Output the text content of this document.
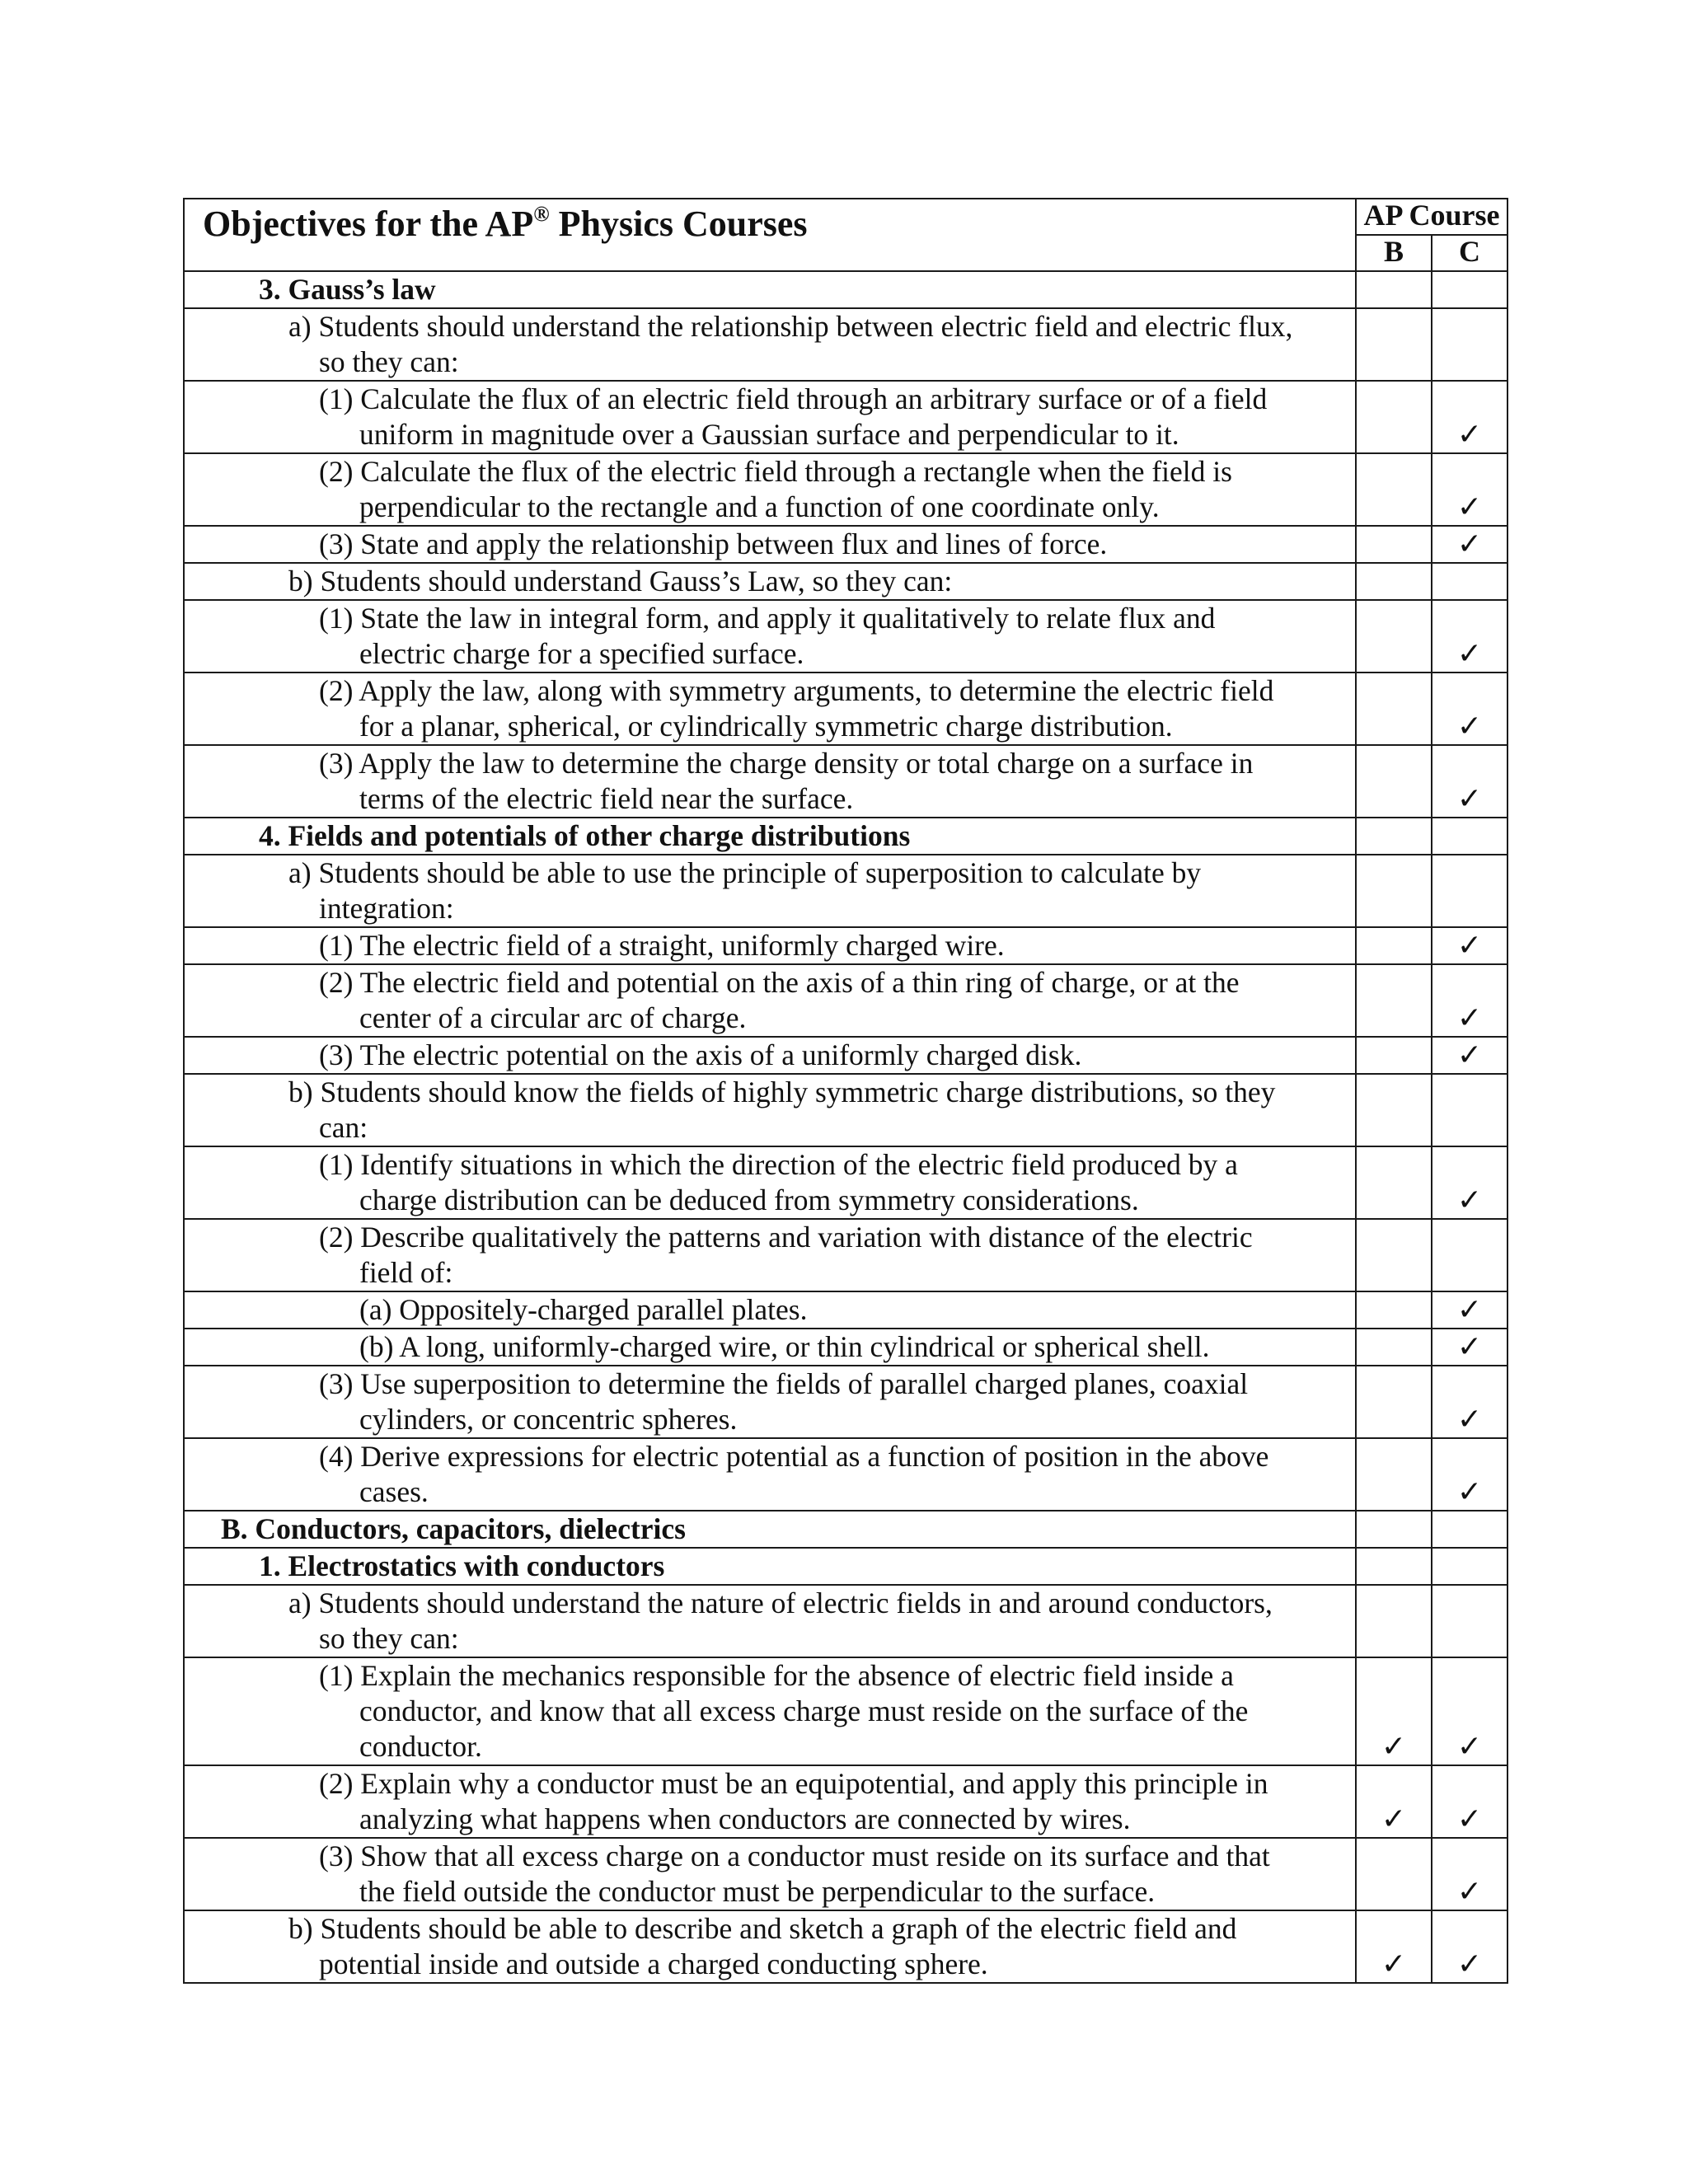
Objectives for the AP® Physics Courses	AP Course	
	B	C

3. Gauss’s law		

a) Students should understand the relationship between electric field and electric flux,
so they can:		

(1) Calculate the flux of an electric field through an arbitrary surface or of a field
uniform in magnitude over a Gaussian surface and perpendicular to it.		✓

(2) Calculate the flux of the electric field through a rectangle when the field is
perpendicular to the rectangle and a function of one coordinate only.		✓

(3) State and apply the relationship between flux and lines of force.		✓

b) Students should understand Gauss’s Law, so they can:		

(1) State the law in integral form, and apply it qualitatively to relate flux and
electric charge for a specified surface.		✓

(2) Apply the law, along with symmetry arguments, to determine the electric field
for a planar, spherical, or cylindrically symmetric charge distribution.		✓

(3) Apply the law to determine the charge density or total charge on a surface in
terms of the electric field near the surface.		✓

4. Fields and potentials of other charge distributions		

a) Students should be able to use the principle of superposition to calculate by
integration:		

(1) The electric field of a straight, uniformly charged wire.		✓

(2) The electric field and potential on the axis of a thin ring of charge, or at the
center of a circular arc of charge.		✓

(3) The electric potential on the axis of a uniformly charged disk.		✓

b) Students should know the fields of highly symmetric charge distributions, so they
can:		

(1) Identify situations in which the direction of the electric field produced by a
charge distribution can be deduced from symmetry considerations.		✓

(2) Describe qualitatively the patterns and variation with distance of the electric
field of:		

(a) Oppositely-charged parallel plates.		✓

(b) A long, uniformly-charged wire, or thin cylindrical or spherical shell.		✓

(3) Use superposition to determine the fields of parallel charged planes, coaxial
cylinders, or concentric spheres.		✓

(4) Derive expressions for electric potential as a function of position in the above
cases.		✓

B. Conductors, capacitors, dielectrics		

1. Electrostatics with conductors		

a) Students should understand the nature of electric fields in and around conductors,
so they can:		

(1) Explain the mechanics responsible for the absence of electric field inside a
conductor, and know that all excess charge must reside on the surface of the
conductor.	✓	✓

(2) Explain why a conductor must be an equipotential, and apply this principle in
analyzing what happens when conductors are connected by wires.	✓	✓

(3) Show that all excess charge on a conductor must reside on its surface and that
the field outside the conductor must be perpendicular to the surface.		✓

b) Students should be able to describe and sketch a graph of the electric field and
potential inside and outside a charged conducting sphere.	✓	✓
